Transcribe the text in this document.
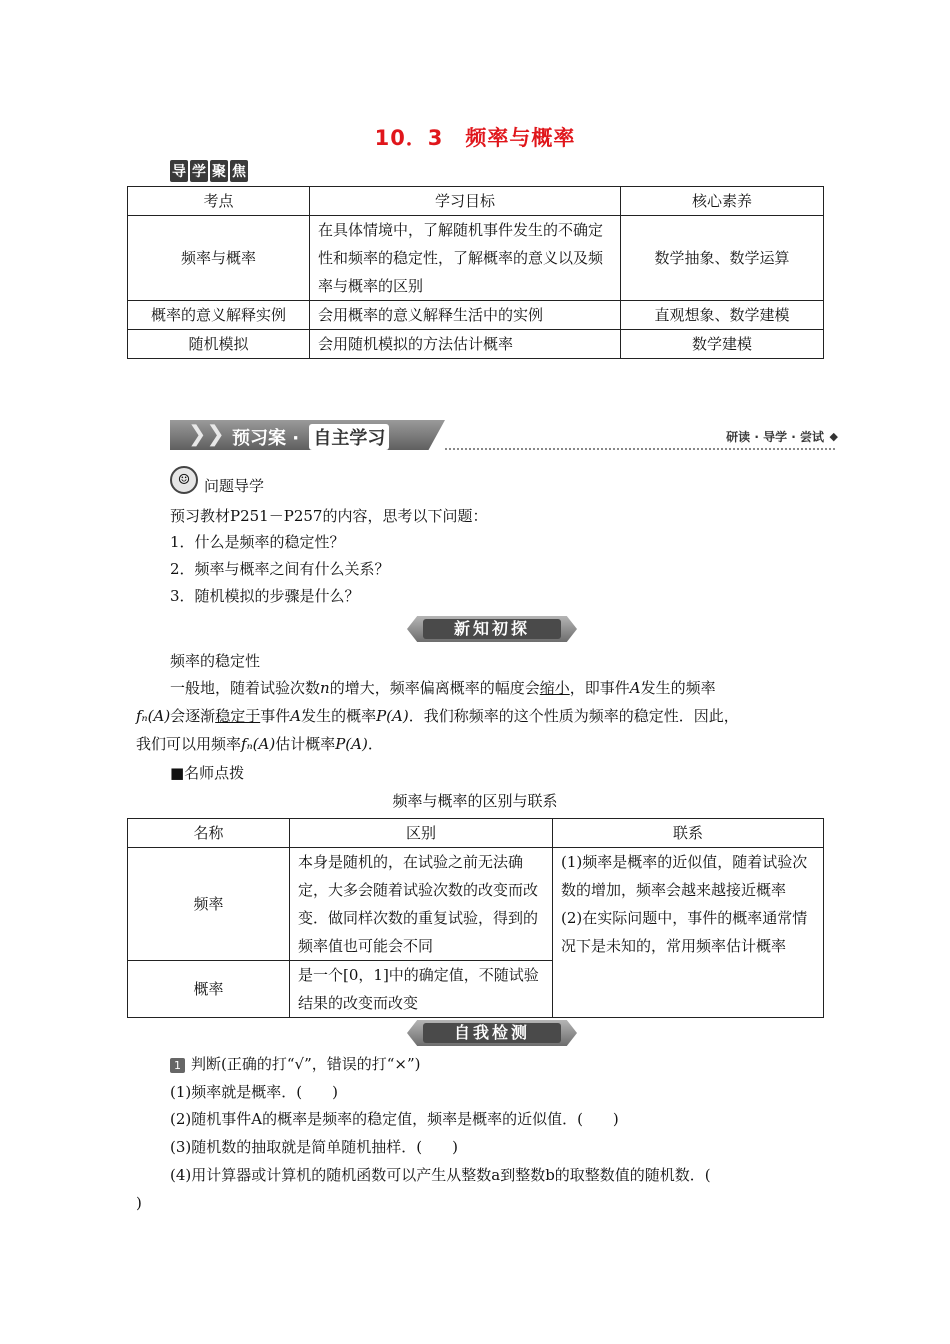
10．3　频率与概率
导 学 聚 焦
考点	学习目标	核心素养
频率与概率	在具体情境中，了解随机事件发生的不确定性和频率的稳定性，了解概率的意义以及频率与概率的区别	数学抽象、数学运算
概率的意义解释实例	会用概率的意义解释生活中的实例	直观想象、数学建模
随机模拟	会用随机模拟的方法估计概率	数学建模
❯❯ 预习案 · 自主学习	研读 · 导学 · 尝试 ◆
☺ 问题导学
预习教材P251－P257的内容，思考以下问题：
1．什么是频率的稳定性？
2．频率与概率之间有什么关系？
3．随机模拟的步骤是什么？
新知初探
频率的稳定性
一般地，随着试验次数n的增大，频率偏离概率的幅度会缩小，即事件A发生的频率
fₙ(A)会逐渐稳定于事件A发生的概率P(A)．我们称频率的这个性质为频率的稳定性．因此，
我们可以用频率fₙ(A)估计概率P(A)．
■名师点拨
频率与概率的区别与联系
名称	区别	联系
频率	本身是随机的，在试验之前无法确定，大多会随着试验次数的改变而改变．做同样次数的重复试验，得到的频率值也可能会不同	(1)频率是概率的近似值，随着试验次数的增加，频率会越来越接近概率
(2)在实际问题中，事件的概率通常情况下是未知的，常用频率估计概率
概率	是一个[0，1]中的确定值，不随试验结果的改变而改变	
自我检测
1 判断(正确的打“√”，错误的打“×”)
(1)频率就是概率．(　　)
(2)随机事件A的概率是频率的稳定值，频率是概率的近似值．(　　)
(3)随机数的抽取就是简单随机抽样．(　　)
(4)用计算器或计算机的随机函数可以产生从整数a到整数b的取整数值的随机数．(
)
